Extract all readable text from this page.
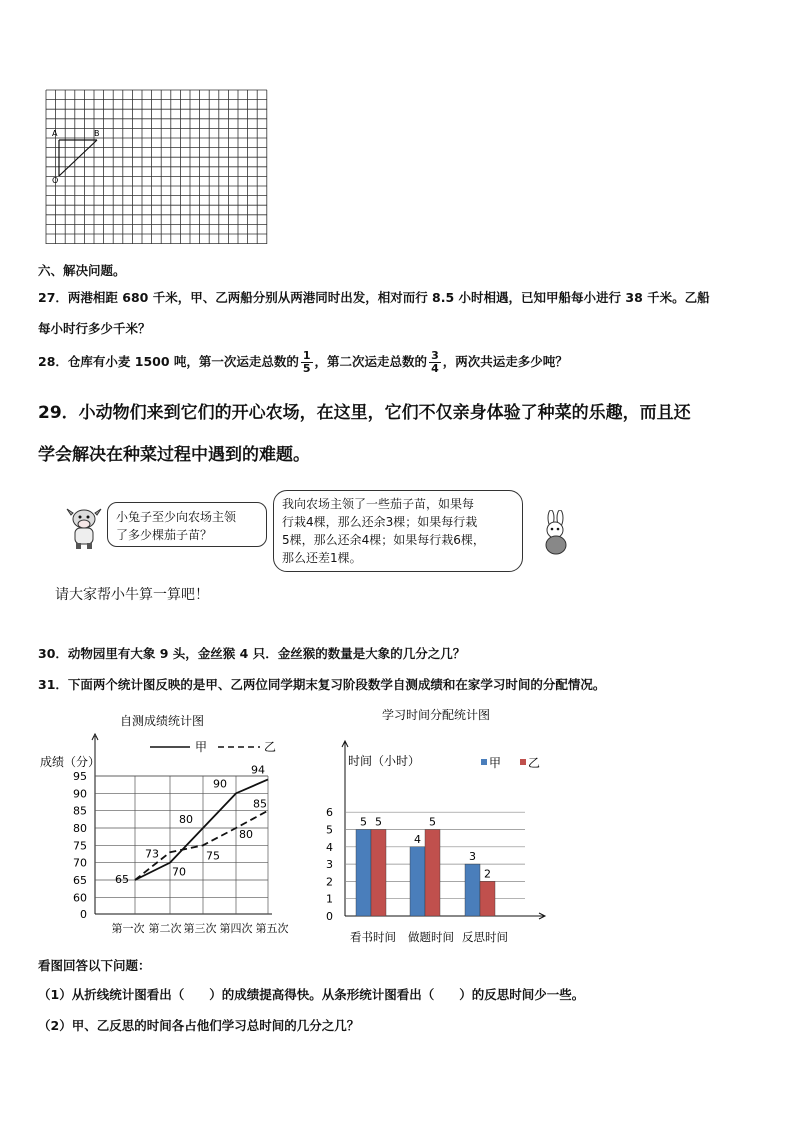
A	B
O
六、解决问题。
27．两港相距 680 千米，甲、乙两船分别从两港同时出发，相对而行 8.5 小时相遇，已知甲船每小进行 38 千米。乙船
每小时行多少千米？
28．仓库有小麦 1500 吨，第一次运走总数的 $\frac{1}{5}$ ，第二次运走总数的 $\frac{3}{4}$ ，两次共运走多少吨？
29．小动物们来到它们的开心农场，在这里，它们不仅亲身体验了种菜的乐趣，而且还
学会解决在种菜过程中遇到的难题。
小兔子至少向农场主领
了多少棵茄子苗？
我向农场主领了一些茄子苗，如果每
行栽4棵，那么还余3棵；如果每行栽
5棵，那么还余4棵；如果每行栽6棵，
那么还差1棵。
请大家帮小牛算一算吧！
30．动物园里有大象 9 头，金丝猴 4 只．金丝猴的数量是大象的几分之几？
31．下面两个统计图反映的是甲、乙两位同学期末复习阶段数学自测成绩和在家学习时间的分配情况。
自测成绩统计图
甲	乙
成绩（分）
0
60
65
70
75
80
85
90
95
第一次 第二次 第三次 第四次 第五次
65
73
70
80
75
90
80
94
85
学习时间分配统计图
时间（小时）	甲 乙
0
1
2
3
4
5
6
5 5
4
5
3
2
看书时间 做题时间 反思时间
看图回答以下问题：
（1）从折线统计图看出（　　）的成绩提高得快。从条形统计图看出（　　）的反思时间少一些。
（2）甲、乙反思的时间各占他们学习总时间的几分之几？
